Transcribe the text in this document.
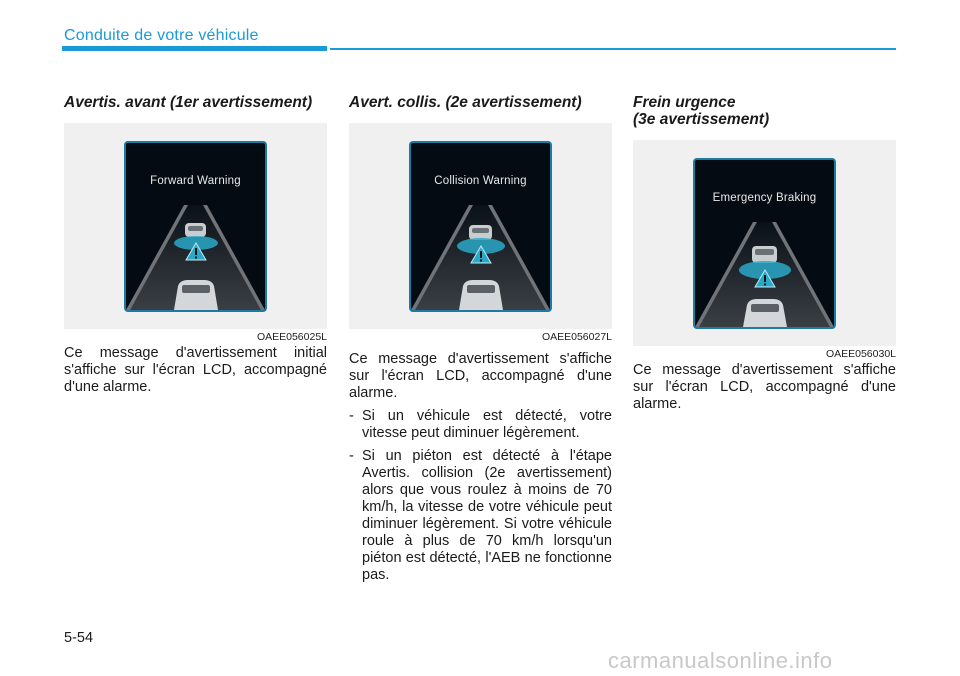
Conduite de votre véhicule
Avertis. avant (1er avertissement)
Forward Warning
OAEE056025L

Ce message d'avertissement initial s'affiche sur l'écran LCD, accompagné d'une alarme.

Avert. collis. (2e avertissement)
Collision Warning
OAEE056027L

Ce message d'avertissement s'affiche sur l'écran LCD, accompagné d'une alarme.

- Si un véhicule est détecté, votre vitesse peut diminuer légèrement.
- Si un piéton est détecté à l'étape Avertis. collision (2e avertissement) alors que vous roulez à moins de 70 km/h, la vitesse de votre véhicule peut diminuer légèrement. Si votre véhicule roule à plus de 70 km/h lorsqu'un piéton est détecté, l'AEB ne fonctionne pas.
Frein urgence
(3e avertissement)
Emergency Braking
OAEE056030L

Ce message d'avertissement s'affiche sur l'écran LCD, accompagné d'une alarme.

5-54
carmanualsonline.info
